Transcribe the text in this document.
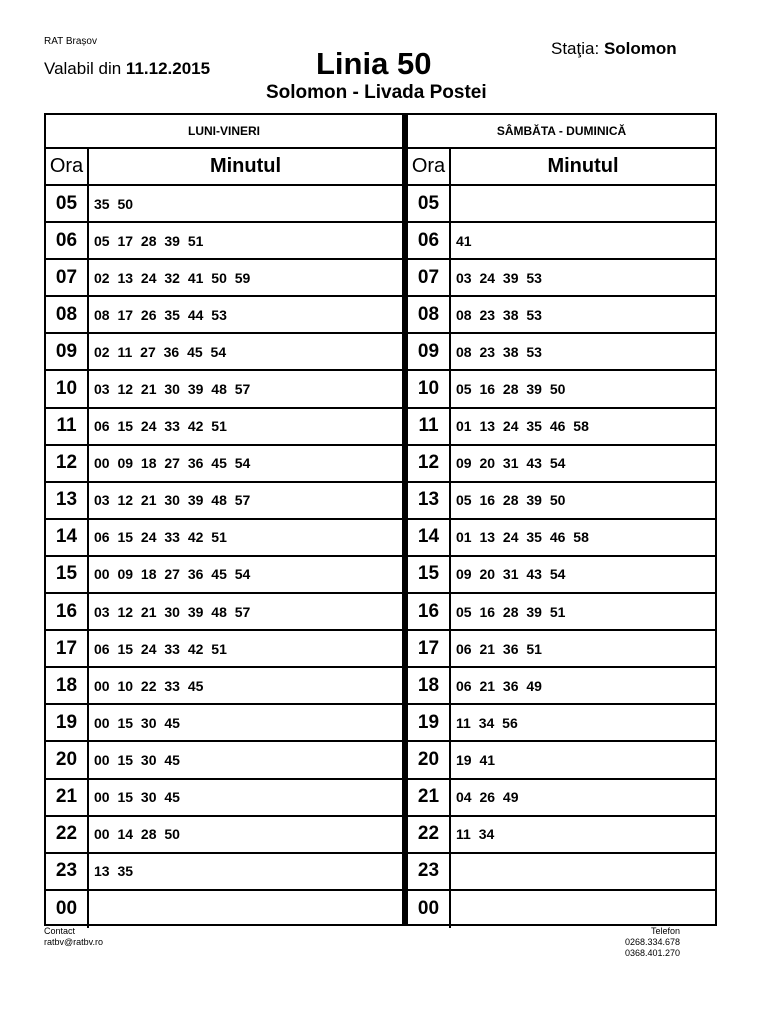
RAT Brașov
Valabil din 11.12.2015	Linia 50
Solomon - Livada Postei
Staţia: Solomon
LUNI-VINERI
Ora	Minutul
05	35 50
06	05 17 28 39 51
07	02 13 24 32 41 50 59
08	08 17 26 35 44 53
09	02 11 27 36 45 54
10	03 12 21 30 39 48 57
11	06 15 24 33 42 51
12	00 09 18 27 36 45 54
13	03 12 21 30 39 48 57
14	06 15 24 33 42 51
15	00 09 18 27 36 45 54
16	03 12 21 30 39 48 57
17	06 15 24 33 42 51
18	00 10 22 33 45
19	00 15 30 45
20	00 15 30 45
21	00 15 30 45
22	00 14 28 50
23	13 35
00
SÂMBĂTA - DUMINICĂ
Ora	Minutul
05
06	41
07	03 24 39 53
08	08 23 38 53
09	08 23 38 53
10	05 16 28 39 50
11	01 13 24 35 46 58
12	09 20 31 43 54
13	05 16 28 39 50
14	01 13 24 35 46 58
15	09 20 31 43 54
16	05 16 28 39 51
17	06 21 36 51
18	06 21 36 49
19	11 34 56
20	19 41
21	04 26 49
22	11 34
23
00
Contact
ratbv@ratbv.ro
Telefon
0268.334.678
0368.401.270
